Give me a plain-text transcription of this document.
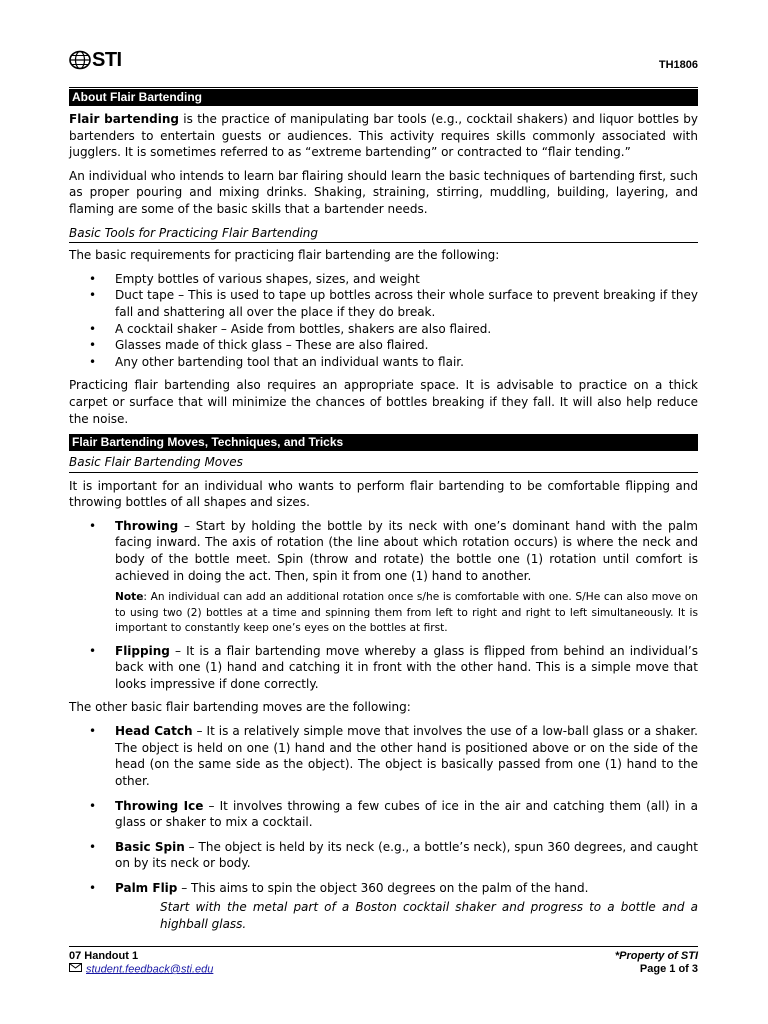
STI	TH1806
About Flair Bartending

Flair bartending is the practice of manipulating bar tools (e.g., cocktail shakers) and liquor bottles by bartenders to entertain guests or audiences. This activity requires skills commonly associated with jugglers. It is sometimes referred to as “extreme bartending” or contracted to “flair tending.”

An individual who intends to learn bar flairing should learn the basic techniques of bartending first, such as proper pouring and mixing drinks. Shaking, straining, stirring, muddling, building, layering, and flaming are some of the basic skills that a bartender needs.

Basic Tools for Practicing Flair Bartending

The basic requirements for practicing flair bartending are the following:

• Empty bottles of various shapes, sizes, and weight
• Duct tape – This is used to tape up bottles across their whole surface to prevent breaking if they fall and shattering all over the place if they do break.
• A cocktail shaker – Aside from bottles, shakers are also flaired.
• Glasses made of thick glass – These are also flaired.
• Any other bartending tool that an individual wants to flair.

Practicing flair bartending also requires an appropriate space. It is advisable to practice on a thick carpet or surface that will minimize the chances of bottles breaking if they fall. It will also help reduce the noise.

Flair Bartending Moves, Techniques, and Tricks

Basic Flair Bartending Moves

It is important for an individual who wants to perform flair bartending to be comfortable flipping and throwing bottles of all shapes and sizes.

• Throwing – Start by holding the bottle by its neck with one’s dominant hand with the palm facing inward. The axis of rotation (the line about which rotation occurs) is where the neck and body of the bottle meet. Spin (throw and rotate) the bottle one (1) rotation until comfort is achieved in doing the act. Then, spin it from one (1) hand to another.

Note: An individual can add an additional rotation once s/he is comfortable with one. S/He can also move on to using two (2) bottles at a time and spinning them from left to right and right to left simultaneously. It is important to constantly keep one’s eyes on the bottles at first.

• Flipping – It is a flair bartending move whereby a glass is flipped from behind an individual’s back with one (1) hand and catching it in front with the other hand. This is a simple move that looks impressive if done correctly.

The other basic flair bartending moves are the following:

• Head Catch – It is a relatively simple move that involves the use of a low-ball glass or a shaker. The object is held on one (1) hand and the other hand is positioned above or on the side of the head (on the same side as the object). The object is basically passed from one (1) hand to the other.
• Throwing Ice – It involves throwing a few cubes of ice in the air and catching them (all) in a glass or shaker to mix a cocktail.
• Basic Spin – The object is held by its neck (e.g., a bottle’s neck), spun 360 degrees, and caught on by its neck or body.
• Palm Flip – This aims to spin the object 360 degrees on the palm of the hand.

Start with the metal part of a Boston cocktail shaker and progress to a bottle and a highball glass.

07 Handout 1	*Property of STI
student.feedback@sti.edu	Page 1 of 3
